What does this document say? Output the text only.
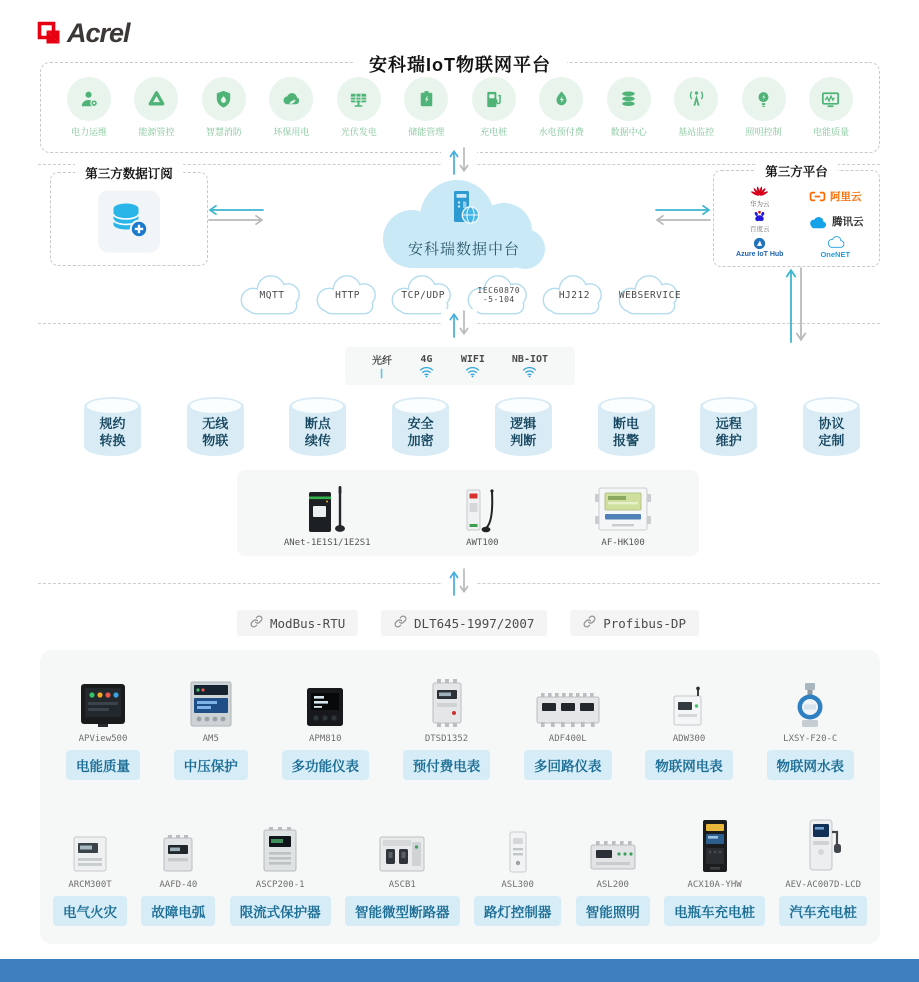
Acrel
安科瑞IoT物联网平台
电力运维	能源管控	智慧消防	环保用电	光伏发电	储能管理	充电桩	水电预付费	数据中心	基站监控	照明控制	电能质量
第三方数据订阅
安科瑞数据中台
第三方平台
华为云
阿里云
百度云
腾讯云
Azure IoT Hub	OneNET
MQTT	HTTP	TCP/UDP	IEC60870
-5-104	HJ212	WEBSERVICE
光纤	4G	WIFI	NB-IOT
规约
转换
无线
物联
断点
续传
安全
加密
逻辑
判断
断电
报警
远程
维护
协议
定制
ANet-1E1S1/1E2S1	AWT100	AF-HK100
ModBus-RTU	DLT645-1997/2007	Profibus-DP
APView500
电能质量
AM5
中压保护
APM810
多功能仪表
DTSD1352
预付费电表
ADF400L
多回路仪表
ADW300
物联网电表
LXSY-F20-C
物联网水表
ARCM300T
电气火灾
AAFD-40
故障电弧
ASCP200-1
限流式保护器
ASCB1
智能微型断路器
ASL300
路灯控制器
ASL200
智能照明
ACX10A-YHW
电瓶车充电桩
AEV-AC007D-LCD
汽车充电桩
